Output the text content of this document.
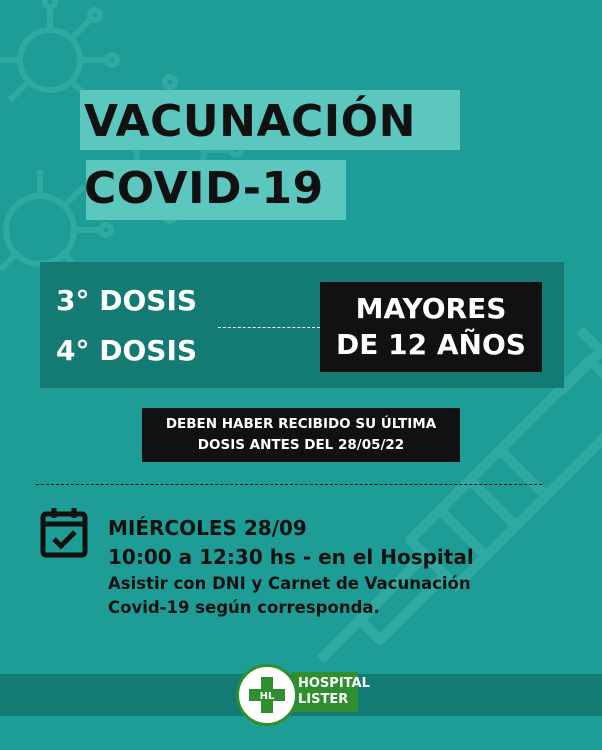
VACUNACIÓN
COVID-19
3° DOSIS
4° DOSIS
MAYORES
DE 12 AÑOS
DEBEN HABER RECIBIDO SU ÚLTIMA
DOSIS ANTES DEL 28/05/22
MIÉRCOLES 28/09
10:00 a 12:30 hs - en el Hospital
Asistir con DNI y Carnet de Vacunación
Covid-19 según corresponda.
HOSPITAL
LISTER
HL
